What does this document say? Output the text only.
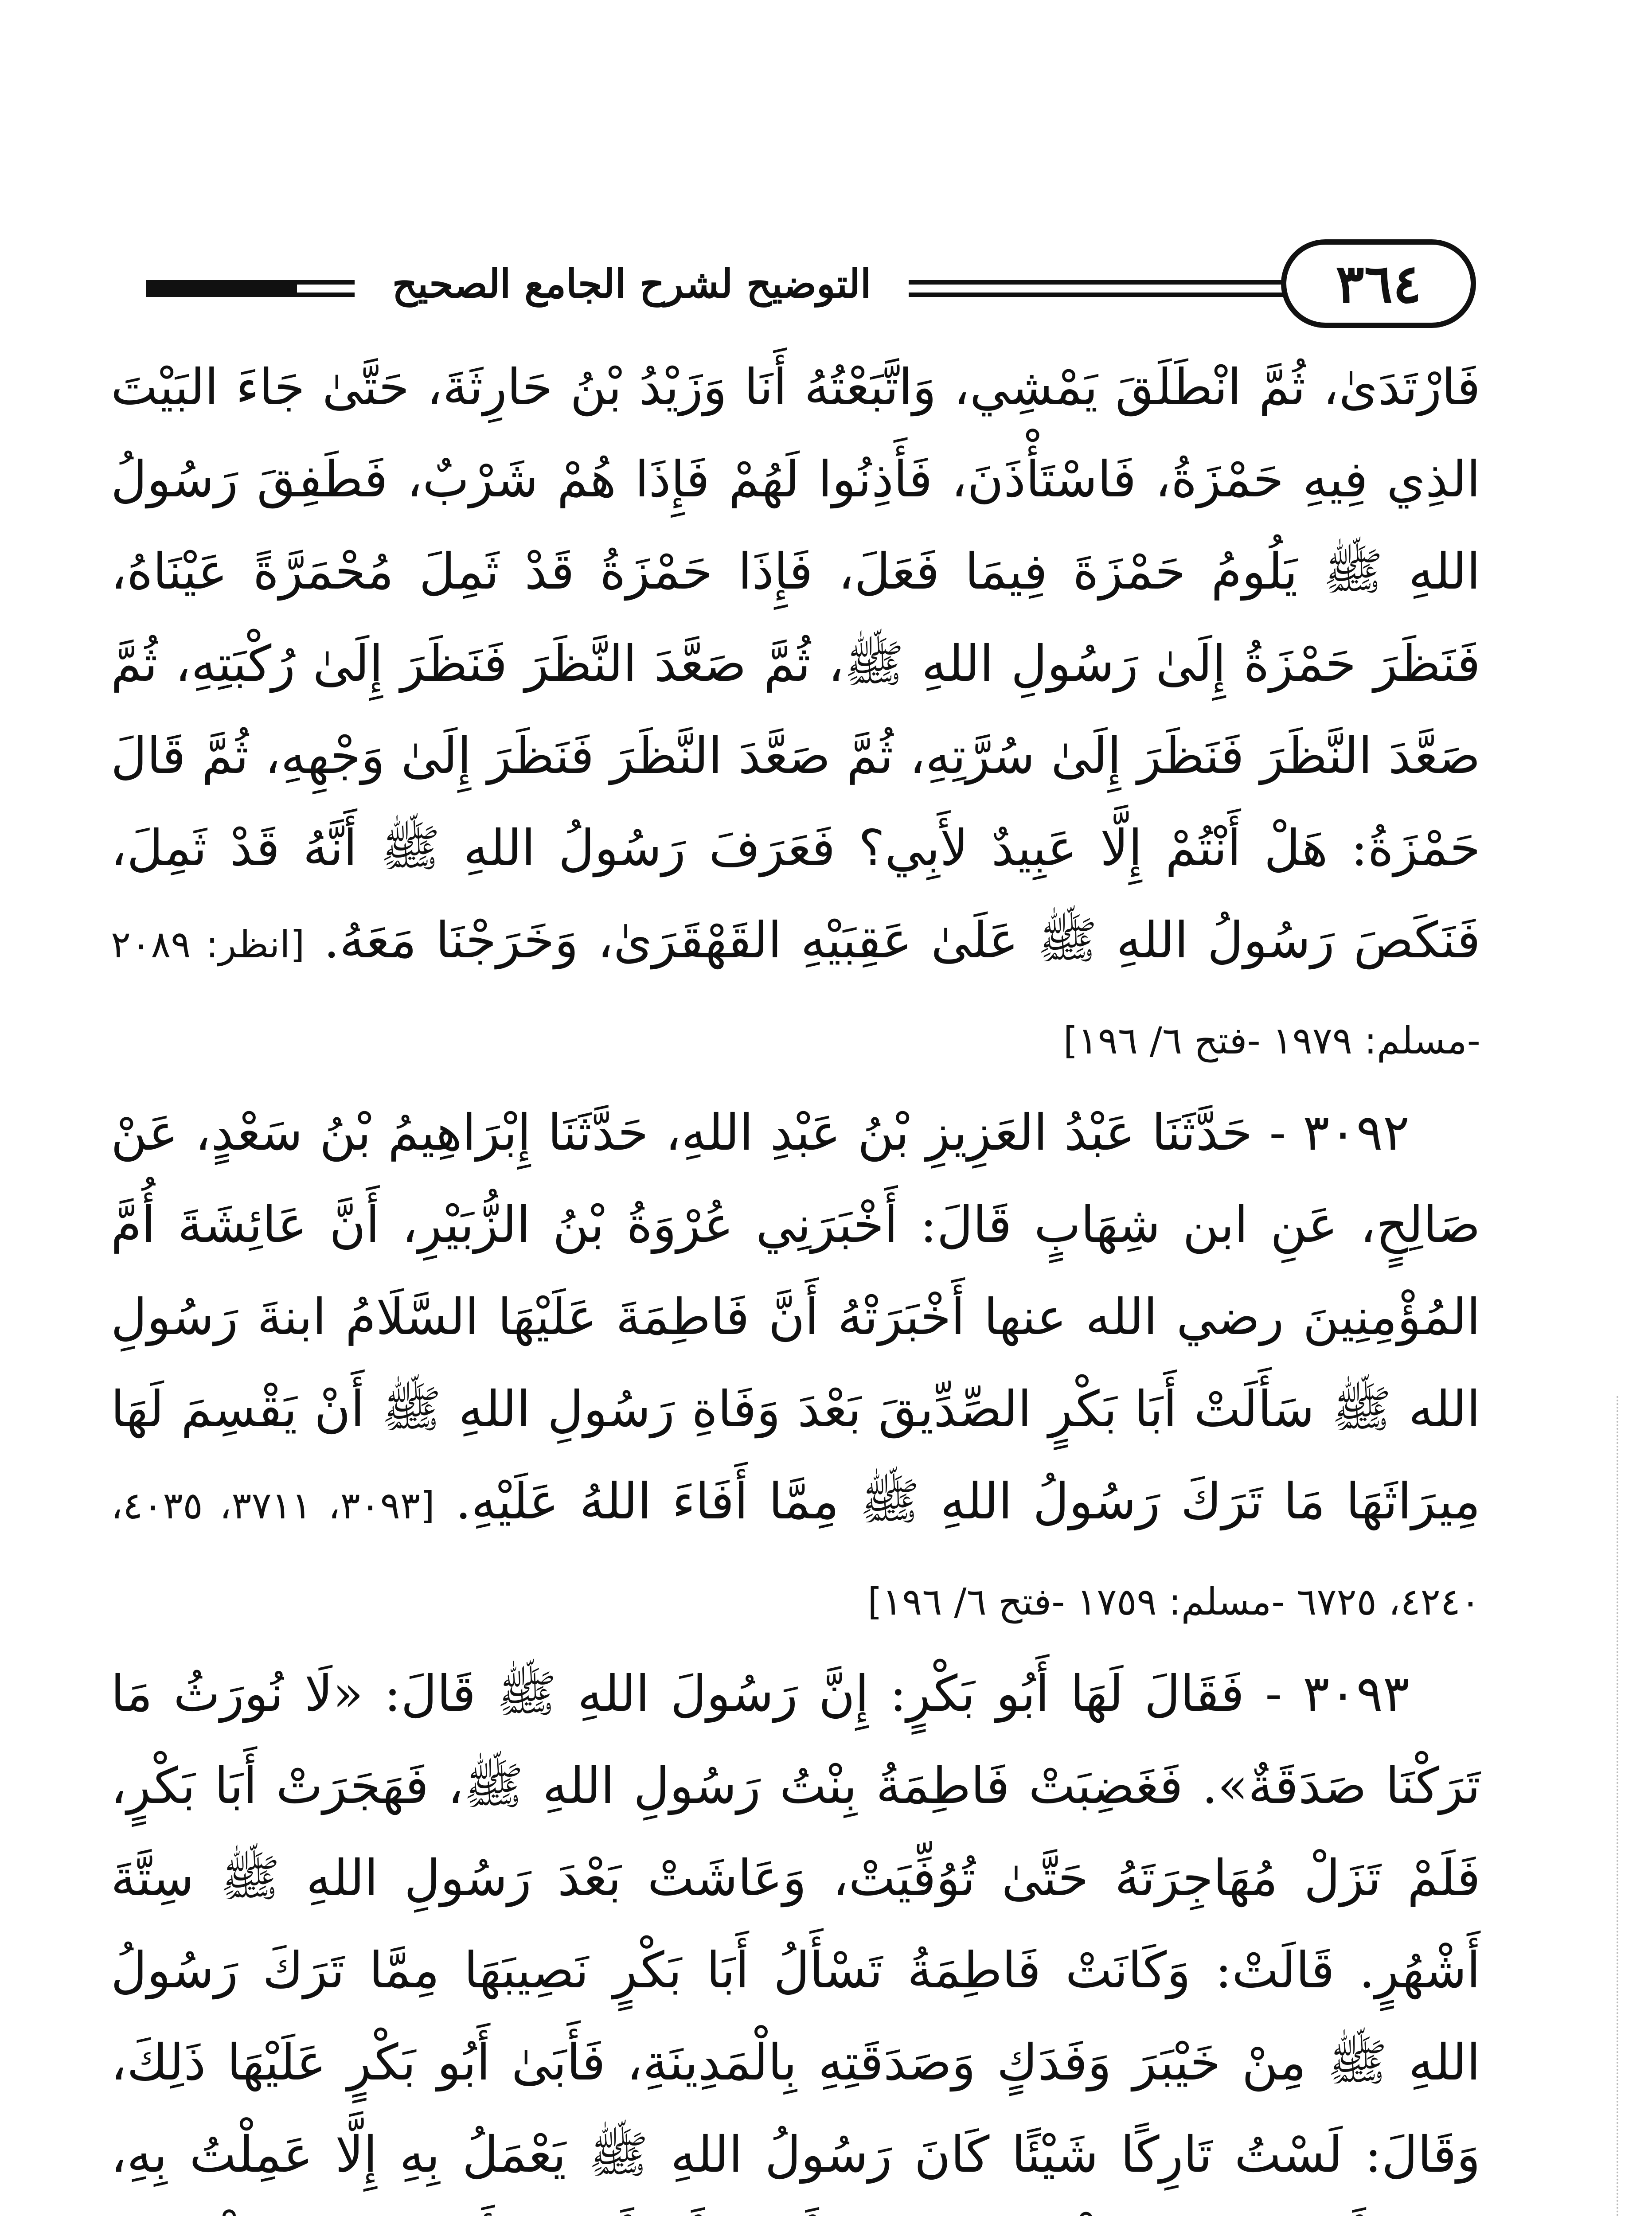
التوضيح لشرح الجامع الصحيح	٣٦٤

فَارْتَدَىٰ، ثُمَّ انْطَلَقَ يَمْشِي، وَاتَّبَعْتُهُ أَنَا وَزَيْدُ بْنُ حَارِثَةَ، حَتَّىٰ جَاءَ البَيْتَ الذِي فِيهِ حَمْزَةُ، فَاسْتَأْذَنَ، فَأَذِنُوا لَهُمْ فَإِذَا هُمْ شَرْبٌ، فَطَفِقَ رَسُولُ اللهِ ﷺ يَلُومُ حَمْزَةَ فِيمَا فَعَلَ، فَإِذَا حَمْزَةُ قَدْ ثَمِلَ مُحْمَرَّةً عَيْنَاهُ، فَنَظَرَ حَمْزَةُ إِلَىٰ رَسُولِ اللهِ ﷺ، ثُمَّ صَعَّدَ النَّظَرَ فَنَظَرَ إِلَىٰ رُكْبَتِهِ، ثُمَّ صَعَّدَ النَّظَرَ فَنَظَرَ إِلَىٰ سُرَّتِهِ، ثُمَّ صَعَّدَ النَّظَرَ فَنَظَرَ إِلَىٰ وَجْهِهِ، ثُمَّ قَالَ حَمْزَةُ: هَلْ أَنْتُمْ إِلَّا عَبِيدٌ لأَبِي؟ فَعَرَفَ رَسُولُ اللهِ ﷺ أَنَّهُ قَدْ ثَمِلَ، فَنَكَصَ رَسُولُ اللهِ ﷺ عَلَىٰ عَقِبَيْهِ القَهْقَرَىٰ، وَخَرَجْنَا مَعَهُ. [انظر: ٢٠٨٩ -مسلم: ١٩٧٩ -فتح ٦/ ١٩٦]

٣٠٩٢ - حَدَّثَنَا عَبْدُ العَزِيزِ بْنُ عَبْدِ اللهِ، حَدَّثَنَا إِبْرَاهِيمُ بْنُ سَعْدٍ، عَنْ صَالِحٍ، عَنِ ابن شِهَابٍ قَالَ: أَخْبَرَنِي عُرْوَةُ بْنُ الزُّبَيْرِ، أَنَّ عَائِشَةَ أُمَّ المُؤْمِنِينَ رضي الله عنها أَخْبَرَتْهُ أَنَّ فَاطِمَةَ عَلَيْهَا السَّلَامُ ابنةَ رَسُولِ الله ﷺ سَأَلَتْ أَبَا بَكْرٍ الصِّدِّيقَ بَعْدَ وَفَاةِ رَسُولِ اللهِ ﷺ أَنْ يَقْسِمَ لَهَا مِيرَاثَهَا مَا تَرَكَ رَسُولُ اللهِ ﷺ مِمَّا أَفَاءَ اللهُ عَلَيْهِ. [٣٠٩٣، ٣٧١١، ٤٠٣٥، ٤٢٤٠، ٦٧٢٥ -مسلم: ١٧٥٩ -فتح ٦/ ١٩٦]

٣٠٩٣ - فَقَالَ لَهَا أَبُو بَكْرٍ: إِنَّ رَسُولَ اللهِ ﷺ قَالَ: «لَا نُورَثُ مَا تَرَكْنَا صَدَقَةٌ». فَغَضِبَتْ فَاطِمَةُ بِنْتُ رَسُولِ اللهِ ﷺ، فَهَجَرَتْ أَبَا بَكْرٍ، فَلَمْ تَزَلْ مُهَاجِرَتَهُ حَتَّىٰ تُوُفِّيَتْ، وَعَاشَتْ بَعْدَ رَسُولِ اللهِ ﷺ سِتَّةَ أَشْهُرٍ. قَالَتْ: وَكَانَتْ فَاطِمَةُ تَسْأَلُ أَبَا بَكْرٍ نَصِيبَهَا مِمَّا تَرَكَ رَسُولُ اللهِ ﷺ مِنْ خَيْبَرَ وَفَدَكٍ وَصَدَقَتِهِ بِالْمَدِينَةِ، فَأَبَىٰ أَبُو بَكْرٍ عَلَيْهَا ذَلِكَ، وَقَالَ: لَسْتُ تَارِكًا شَيْئًا كَانَ رَسُولُ اللهِ ﷺ يَعْمَلُ بِهِ إِلَّا عَمِلْتُ بِهِ،
